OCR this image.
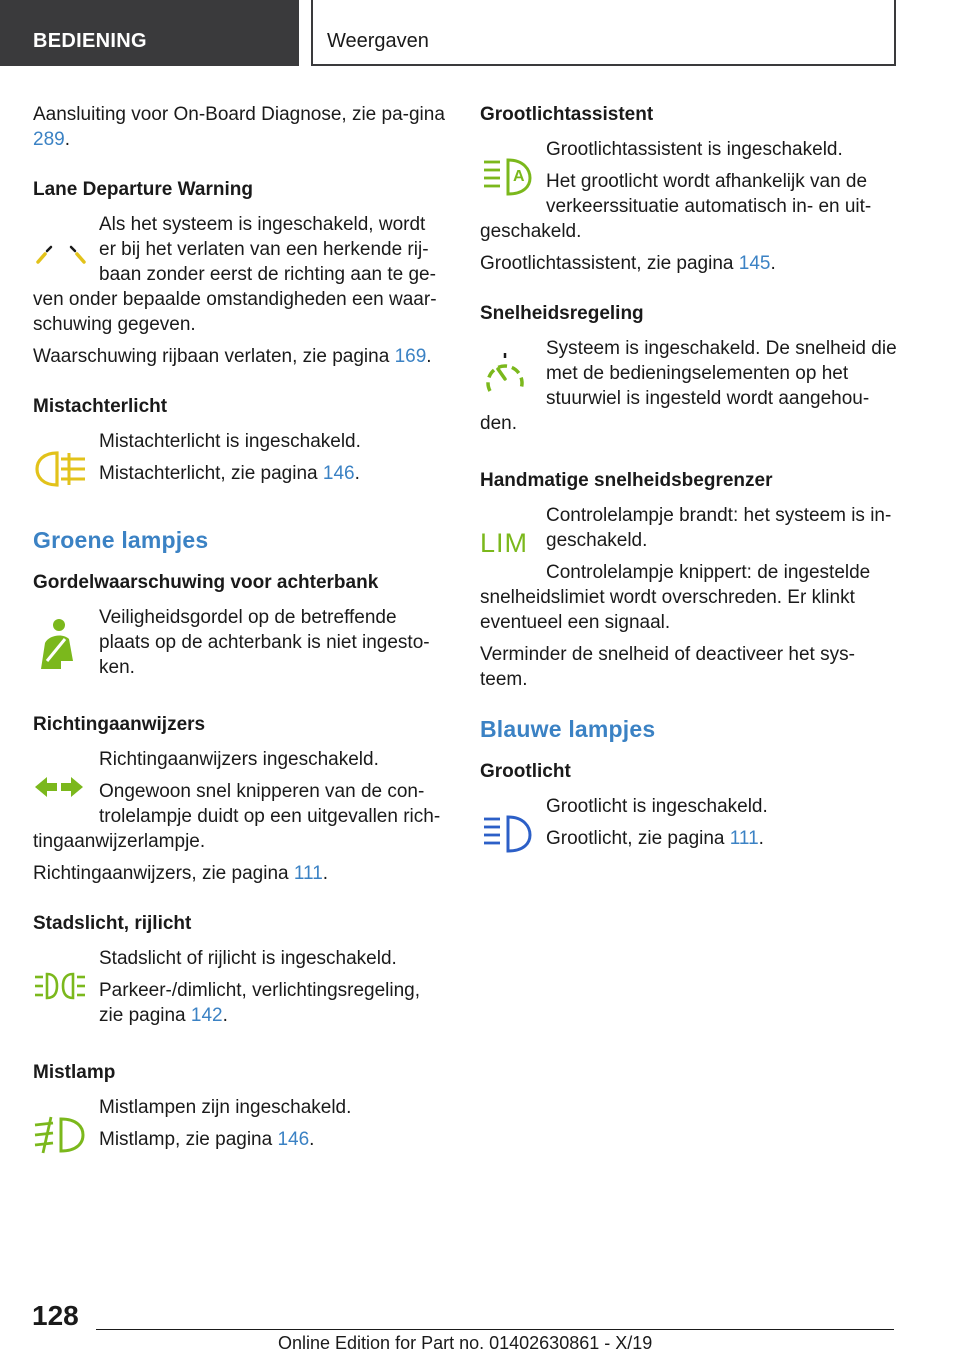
BEDIENING	Weergaven

Aansluiting voor On-Board Diagnose, zie pa-gina 289.

Lane Departure Warning

Als het systeem is ingeschakeld, wordt er bij het verlaten van een herkende rij-baan zonder eerst de richting aan te ge-ven onder bepaalde omstandigheden een waar-schuwing gegeven.

Waarschuwing rijbaan verlaten, zie pagina 169.

Mistachterlicht

Mistachterlicht is ingeschakeld.

Mistachterlicht, zie pagina 146.

Groene lampjes
Gordelwaarschuwing voor achterbank

Veiligheidsgordel op de betreffende plaats op de achterbank is niet ingesto-ken.

Richtingaanwijzers

Richtingaanwijzers ingeschakeld.

Ongewoon snel knipperen van de con-trolelampje duidt op een uitgevallen rich-tingaanwijzerlampje.

Richtingaanwijzers, zie pagina 111.

Stadslicht, rijlicht

Stadslicht of rijlicht is ingeschakeld.

Parkeer-/dimlicht, verlichtingsregeling, zie pagina 142.

Mistlamp

Mistlampen zijn ingeschakeld.

Mistlamp, zie pagina 146.

Grootlichtassistent
A

Grootlichtassistent is ingeschakeld.

Het grootlicht wordt afhankelijk van de verkeerssituatie automatisch in- en uit-geschakeld.

Grootlichtassistent, zie pagina 145.

Snelheidsregeling

Systeem is ingeschakeld. De snelheid die met de bedieningselementen op het stuurwiel is ingesteld wordt aangehou-den.

Handmatige snelheidsbegrenzer
LIM

Controlelampje brandt: het systeem is in-geschakeld.

Controlelampje knippert: de ingestelde snelheidslimiet wordt overschreden. Er klinkt eventueel een signaal.

Verminder de snelheid of deactiveer het sys-teem.

Blauwe lampjes
Grootlicht

Grootlicht is ingeschakeld.

Grootlicht, zie pagina 111.

128
Online Edition for Part no. 01402630861 - X/19
